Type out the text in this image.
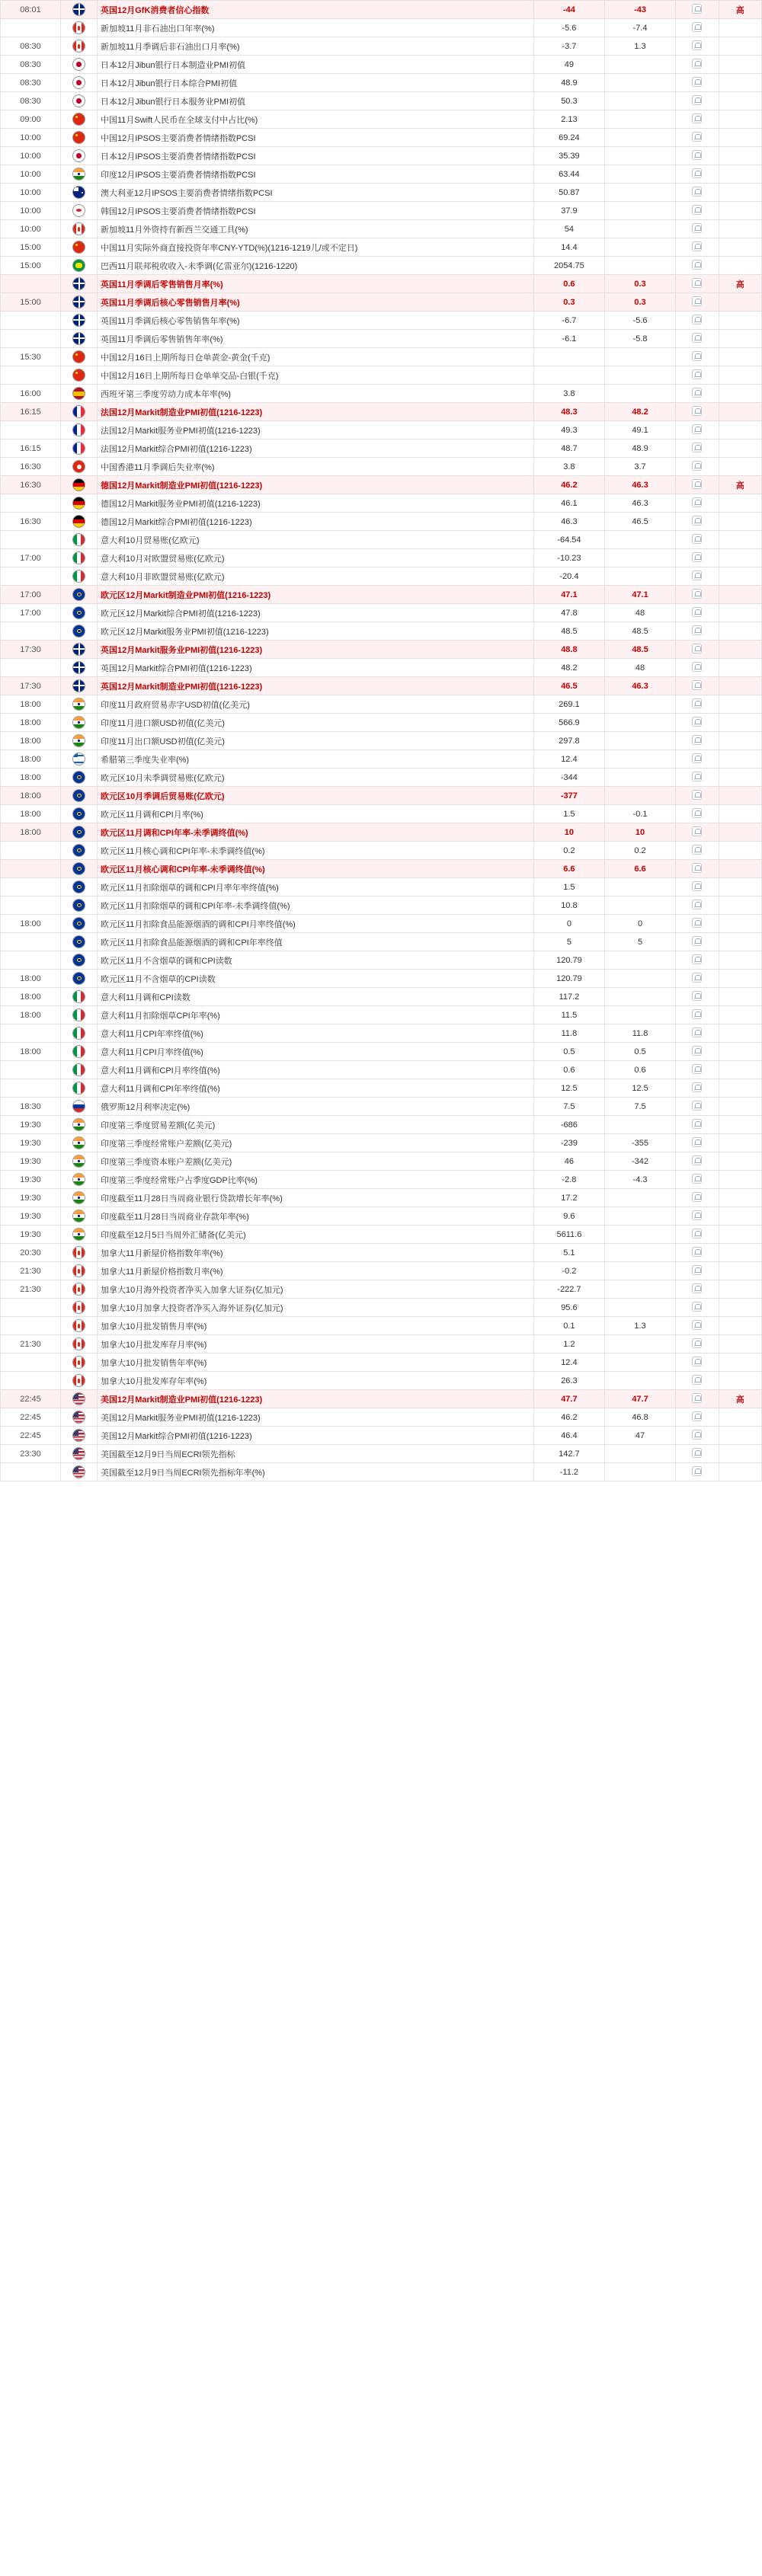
08:01		英国12月GfK消费者信心指数	-44	-43		高

	新加坡11月非石油出口年率(%)	-5.6	-7.4		
08:30		新加坡11月季调后非石油出口月率(%)	-3.7	1.3		
08:30		日本12月Jibun银行日本制造业PMI初值	49			
08:30		日本12月Jibun银行日本综合PMI初值	48.9			
08:30		日本12月Jibun银行日本服务业PMI初值	50.3			
09:00		中国11月Swift人民币在全球支付中占比(%)	2.13			
10:00		中国12月IPSOS主要消费者情绪指数PCSI	69.24			
10:00		日本12月IPSOS主要消费者情绪指数PCSI	35.39			
10:00		印度12月IPSOS主要消费者情绪指数PCSI	63.44			
10:00		澳大利亚12月IPSOS主要消费者情绪指数PCSI	50.87			
10:00		韩国12月IPSOS主要消费者情绪指数PCSI	37.9			
10:00		新加坡11月外资持有新西兰交通工具(%)	54			
15:00		中国11月实际外商直接投资年率CNY-YTD(%)(1216-1219儿/或不定日)	14.4			
15:00		巴西11月联邦税收收入-未季调(亿雷亚尔)(1216-1220)	2054.75			

	英国11月季调后零售销售月率(%)	0.6	0.3		高
15:00		英国11月季调后核心零售销售月率(%)	0.3	0.3		

	英国11月季调后核心零售销售年率(%)	-6.7	-5.6		

	英国11月季调后零售销售年率(%)	-6.1	-5.8		
15:30		中国12月16日上期所每日仓单黄金-黄金(千克)				

	中国12月16日上期所每日仓单单交品-白银(千克)				
16:00		西班牙第三季度劳动力成本年率(%)	3.8			
16:15		法国12月Markit制造业PMI初值(1216-1223)	48.3	48.2		

	法国12月Markit服务业PMI初值(1216-1223)	49.3	49.1		
16:15		法国12月Markit综合PMI初值(1216-1223)	48.7	48.9		
16:30		中国香港11月季调后失业率(%)	3.8	3.7		
16:30		德国12月Markit制造业PMI初值(1216-1223)	46.2	46.3		高

	德国12月Markit服务业PMI初值(1216-1223)	46.1	46.3		
16:30		德国12月Markit综合PMI初值(1216-1223)	46.3	46.5		

	意大利10月贸易账(亿欧元)	-64.54			
17:00		意大利10月对欧盟贸易账(亿欧元)	-10.23			

	意大利10月非欧盟贸易账(亿欧元)	-20.4			
17:00		欧元区12月Markit制造业PMI初值(1216-1223)	47.1	47.1		
17:00		欧元区12月Markit综合PMI初值(1216-1223)	47.8	48		

	欧元区12月Markit服务业PMI初值(1216-1223)	48.5	48.5		
17:30		英国12月Markit服务业PMI初值(1216-1223)	48.8	48.5		

	英国12月Markit综合PMI初值(1216-1223)	48.2	48		
17:30		英国12月Markit制造业PMI初值(1216-1223)	46.5	46.3		
18:00		印度11月政府贸易赤字USD初值(亿美元)	269.1			
18:00		印度11月进口额USD初值(亿美元)	566.9			
18:00		印度11月出口额USD初值(亿美元)	297.8			
18:00		希腊第三季度失业率(%)	12.4			
18:00		欧元区10月未季调贸易账(亿欧元)	-344			
18:00		欧元区10月季调后贸易账(亿欧元)	-377			
18:00		欧元区11月调和CPI月率(%)	1.5	-0.1		
18:00		欧元区11月调和CPI年率-未季调终值(%)	10	10		

	欧元区11月核心调和CPI年率-未季调终值(%)	0.2	0.2		

	欧元区11月核心调和CPI年率-未季调终值(%)	6.6	6.6		

	欧元区11月扣除烟草的调和CPI月率年率终值(%)	1.5			

	欧元区11月扣除烟草的调和CPI年率-未季调终值(%)	10.8			
18:00		欧元区11月扣除食品能源烟酒的调和CPI月率终值(%)	0	0		

	欧元区11月扣除食品能源烟酒的调和CPI年率终值	5	5		

	欧元区11月不含烟草的调和CPI读数	120.79			
18:00		欧元区11月不含烟草的CPI读数	120.79			
18:00		意大利11月调和CPI读数	117.2			
18:00		意大利11月扣除烟草CPI年率(%)	11.5			

	意大利11月CPI年率终值(%)	11.8	11.8		
18:00		意大利11月CPI月率终值(%)	0.5	0.5		

	意大利11月调和CPI月率终值(%)	0.6	0.6		

	意大利11月调和CPI年率终值(%)	12.5	12.5		
18:30		俄罗斯12月利率决定(%)	7.5	7.5		
19:30		印度第三季度贸易差额(亿美元)	-686			
19:30		印度第三季度经常账户差额(亿美元)	-239	-355		
19:30		印度第三季度资本账户差额(亿美元)	46	-342		
19:30		印度第三季度经常账户占季度GDP比率(%)	-2.8	-4.3		
19:30		印度截至11月28日当周商业银行贷款增长年率(%)	17.2			
19:30		印度截至11月28日当周商业存款年率(%)	9.6			
19:30		印度截至12月5日当周外汇储备(亿美元)	5611.6			
20:30		加拿大11月新屋价格指数年率(%)	5.1			
21:30		加拿大11月新屋价格指数月率(%)	-0.2			
21:30		加拿大10月海外投资者净买入加拿大证券(亿加元)	-222.7			

	加拿大10月加拿大投资者净买入海外证券(亿加元)	95.6			

	加拿大10月批发销售月率(%)	0.1	1.3		
21:30		加拿大10月批发库存月率(%)	1.2			

	加拿大10月批发销售年率(%)	12.4			

	加拿大10月批发库存年率(%)	26.3			
22:45		美国12月Markit制造业PMI初值(1216-1223)	47.7	47.7		高
22:45		美国12月Markit服务业PMI初值(1216-1223)	46.2	46.8		
22:45		美国12月Markit综合PMI初值(1216-1223)	46.4	47		
23:30		美国截至12月9日当周ECRI领先指标	142.7			

	美国截至12月9日当周ECRI领先指标年率(%)	-11.2			
